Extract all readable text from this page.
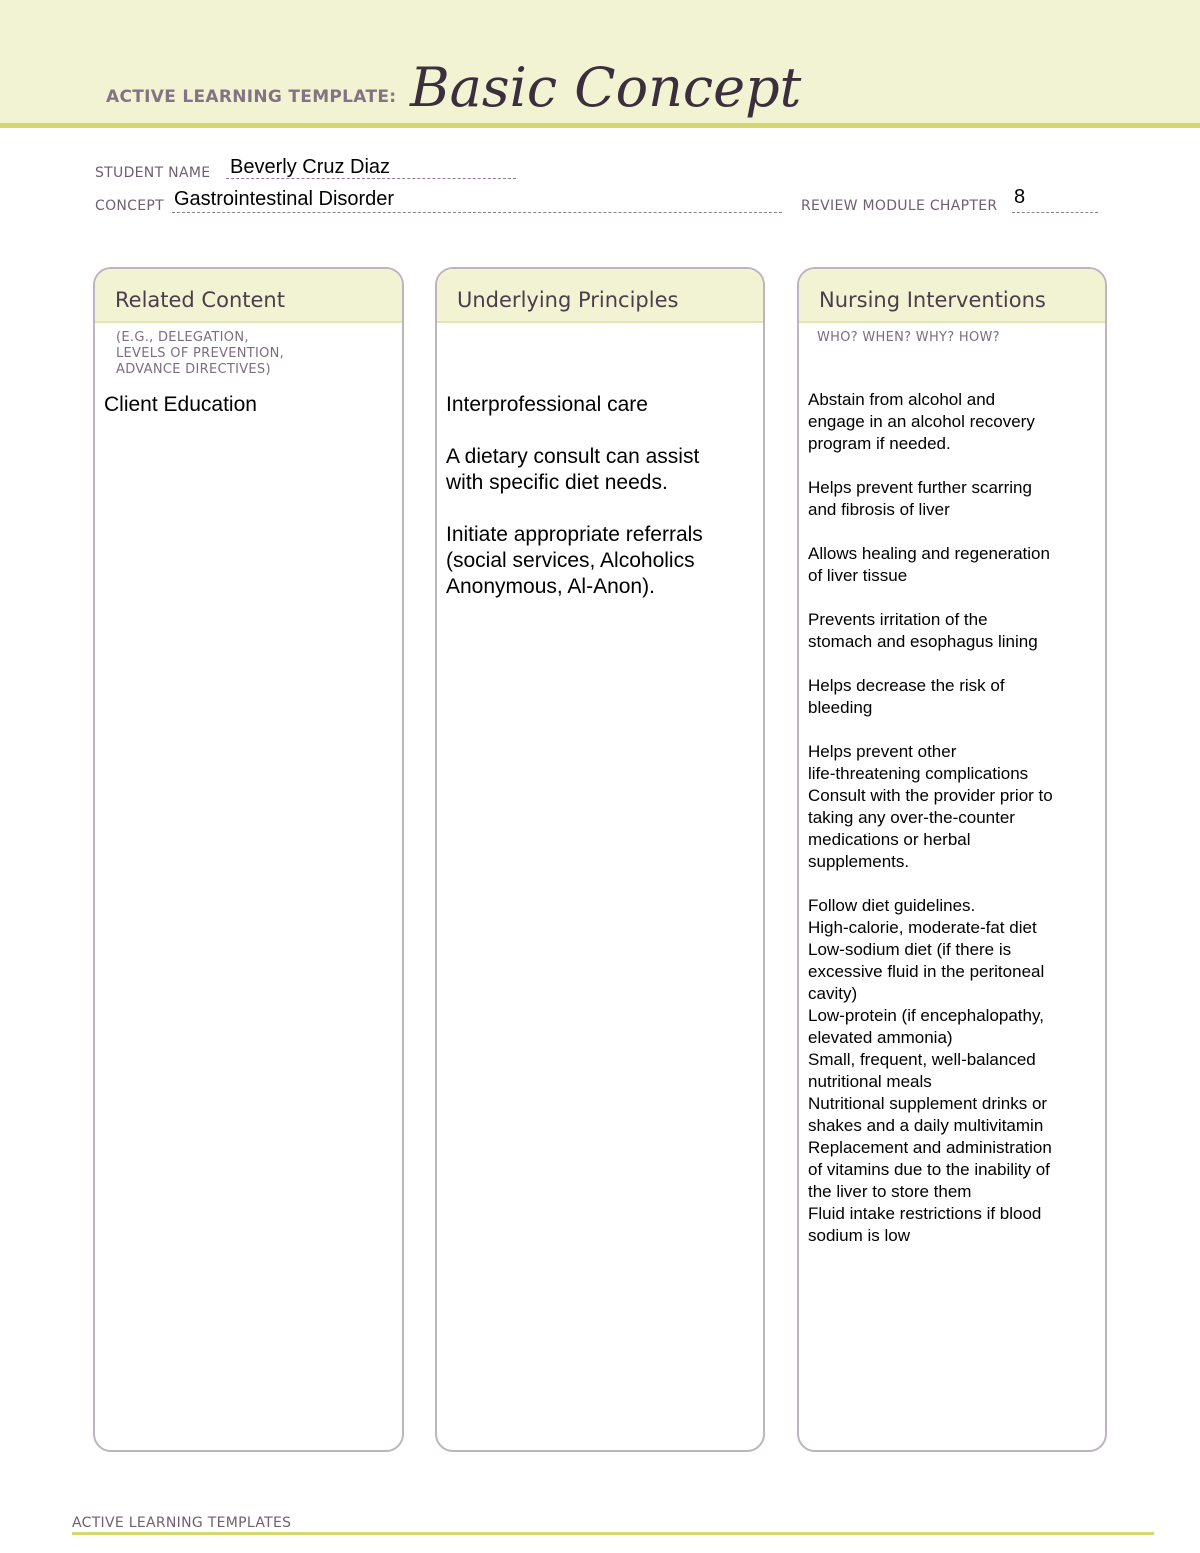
ACTIVE LEARNING TEMPLATE: Basic Concept
STUDENT NAME Beverly Cruz Diaz
CONCEPT Gastrointestinal Disorder	REVIEW MODULE CHAPTER 8
Related Content
(E.G., DELEGATION,
LEVELS OF PREVENTION,
ADVANCE DIRECTIVES)
Client Education
Underlying Principles
Interprofessional care

A dietary consult can assist
with specific diet needs.

Initiate appropriate referrals
(social services, Alcoholics
Anonymous, Al-Anon).
Nursing Interventions
WHO? WHEN? WHY? HOW?
Abstain from alcohol and
engage in an alcohol recovery
program if needed.

Helps prevent further scarring
and fibrosis of liver

Allows healing and regeneration
of liver tissue

Prevents irritation of the
stomach and esophagus lining

Helps decrease the risk of
bleeding

Helps prevent other
life-threatening complications
Consult with the provider prior to
taking any over-the-counter
medications or herbal
supplements.

Follow diet guidelines.
High-calorie, moderate-fat diet
Low-sodium diet (if there is
excessive fluid in the peritoneal
cavity)
Low-protein (if encephalopathy,
elevated ammonia)
Small, frequent, well-balanced
nutritional meals
Nutritional supplement drinks or
shakes and a daily multivitamin
Replacement and administration
of vitamins due to the inability of
the liver to store them
Fluid intake restrictions if blood
sodium is low
ACTIVE LEARNING TEMPLATES
